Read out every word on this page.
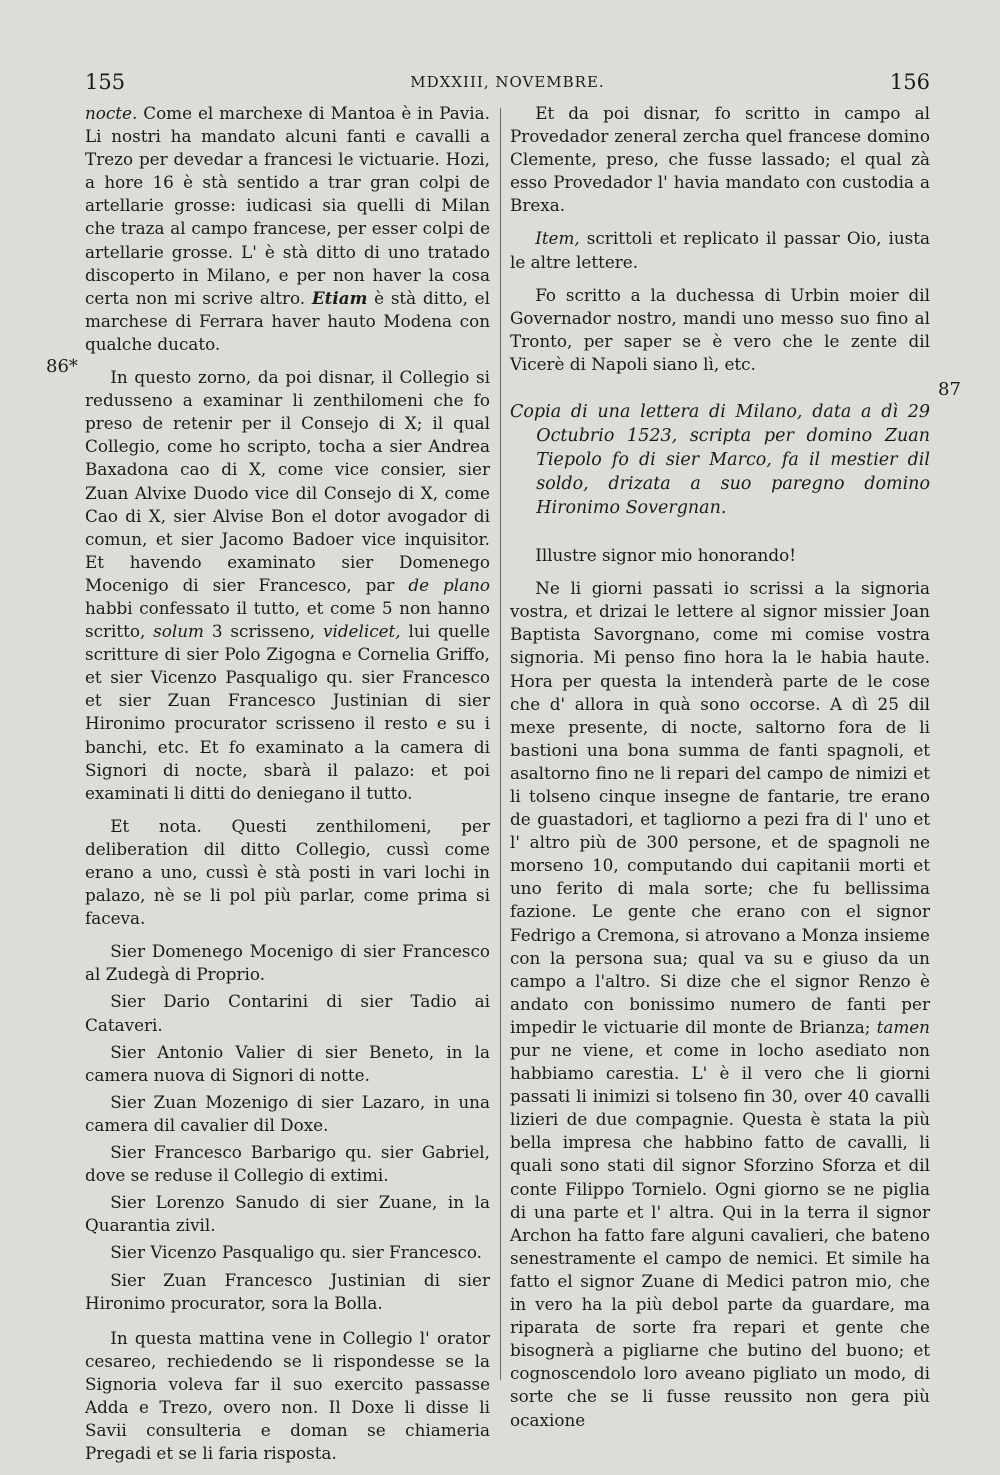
155	MDXXIII, NOVEMBRE.	156
86*
87

nocte. Come el marchexe di Mantoa è in Pavia. Li nostri ha mandato alcuni fanti e cavalli a Trezo per devedar a francesi le victuarie. Hozi, a hore 16 è stà sentido a trar gran colpi de artellarie grosse: iudicasi sia quelli di Milan che traza al campo francese, per esser colpi de artellarie grosse. L' è stà ditto di uno tratado discoperto in Milano, e per non haver la cosa certa non mi scrive altro. Etiam è stà ditto, el marchese di Ferrara haver hauto Modena con qualche ducato.

In questo zorno, da poi disnar, il Collegio si redusseno a examinar li zenthilomeni che fo preso de retenir per il Consejo di X; il qual Collegio, come ho scripto, tocha a sier Andrea Baxadona cao di X, come vice consier, sier Zuan Alvixe Duodo vice dil Consejo di X, come Cao di X, sier Alvise Bon el dotor avogador di comun, et sier Jacomo Badoer vice inquisitor. Et havendo examinato sier Domenego Mocenigo di sier Francesco, par de plano habbi confessato il tutto, et come 5 non hanno scritto, solum 3 scrisseno, videlicet, lui quelle scritture di sier Polo Zigogna e Cornelia Griffo, et sier Vicenzo Pasqualigo qu. sier Francesco et sier Zuan Francesco Justinian di sier Hironimo procurator scrisseno il resto e su i banchi, etc. Et fo examinato a la camera di Signori di nocte, sbarà il palazo: et poi examinati li ditti do deniegano il tutto.

Et nota. Questi zenthilomeni, per deliberation dil ditto Collegio, cussì come erano a uno, cussì è stà posti in vari lochi in palazo, nè se li pol più parlar, come prima si faceva.

Sier Domenego Mocenigo di sier Francesco al Zudegà di Proprio.
Sier Dario Contarini di sier Tadio ai Cataveri.
Sier Antonio Valier di sier Beneto, in la camera nuova di Signori di notte.
Sier Zuan Mozenigo di sier Lazaro, in una camera dil cavalier dil Doxe.
Sier Francesco Barbarigo qu. sier Gabriel, dove se reduse il Collegio di extimi.
Sier Lorenzo Sanudo di sier Zuane, in la Quarantia zivil.
Sier Vicenzo Pasqualigo qu. sier Francesco.
Sier Zuan Francesco Justinian di sier Hironimo procurator, sora la Bolla.

In questa mattina vene in Collegio l' orator cesareo, rechiedendo se li rispondesse se la Signoria voleva far il suo exercito passasse Adda e Trezo, overo non. Il Doxe li disse li Savii consulteria e doman se chiameria Pregadi et se li faria risposta.

Et da poi disnar, fo scritto in campo al Provedador zeneral zercha quel francese domino Clemente, preso, che fusse lassado; el qual zà esso Provedador l' havia mandato con custodia a Brexa.

Item, scrittoli et replicato il passar Oio, iusta le altre lettere.

Fo scritto a la duchessa di Urbin moier dil Governador nostro, mandi uno messo suo fino al Tronto, per saper se è vero che le zente dil Vicerè di Napoli siano lì, etc.

Copia di una lettera di Milano, data a dì 29 Octubrio 1523, scripta per domino Zuan Tiepolo fo di sier Marco, fa il mestier dil soldo, drizata a suo paregno domino Hironimo Sovergnan.

Illustre signor mio honorando!

Ne li giorni passati io scrissi a la signoria vostra, et drizai le lettere al signor missier Joan Baptista Savorgnano, come mi comise vostra signoria. Mi penso fino hora la le habia haute. Hora per questa la intenderà parte de le cose che d' allora in quà sono occorse. A dì 25 dil mexe presente, di nocte, saltorno fora de li bastioni una bona summa de fanti spagnoli, et asaltorno fino ne li repari del campo de nimizi et li tolseno cinque insegne de fantarie, tre erano de guastadori, et tagliorno a pezi fra di l' uno et l' altro più de 300 persone, et de spagnoli ne morseno 10, computando dui capitanii morti et uno ferito di mala sorte; che fu bellissima fazione. Le gente che erano con el signor Fedrigo a Cremona, si atrovano a Monza insieme con la persona sua; qual va su e giuso da un campo a l'altro. Si dize che el signor Renzo è andato con bonissimo numero de fanti per impedir le victuarie dil monte de Brianza; tamen pur ne viene, et come in locho asediato non habbiamo carestia. L' è il vero che li giorni passati li inimizi si tolseno fin 30, over 40 cavalli lizieri de due compagnie. Questa è stata la più bella impresa che habbino fatto de cavalli, li quali sono stati dil signor Sforzino Sforza et dil conte Filippo Tornielo. Ogni giorno se ne piglia di una parte et l' altra. Qui in la terra il signor Archon ha fatto fare alguni cavalieri, che bateno senestramente el campo de nemici. Et simile ha fatto el signor Zuane di Medici patron mio, che in vero ha la più debol parte da guardare, ma riparata de sorte fra repari et gente che bisognerà a pigliarne che butino del buono; et cognoscendolo loro aveano pigliato un modo, di sorte che se li fusse reussito non gera più ocaxione
